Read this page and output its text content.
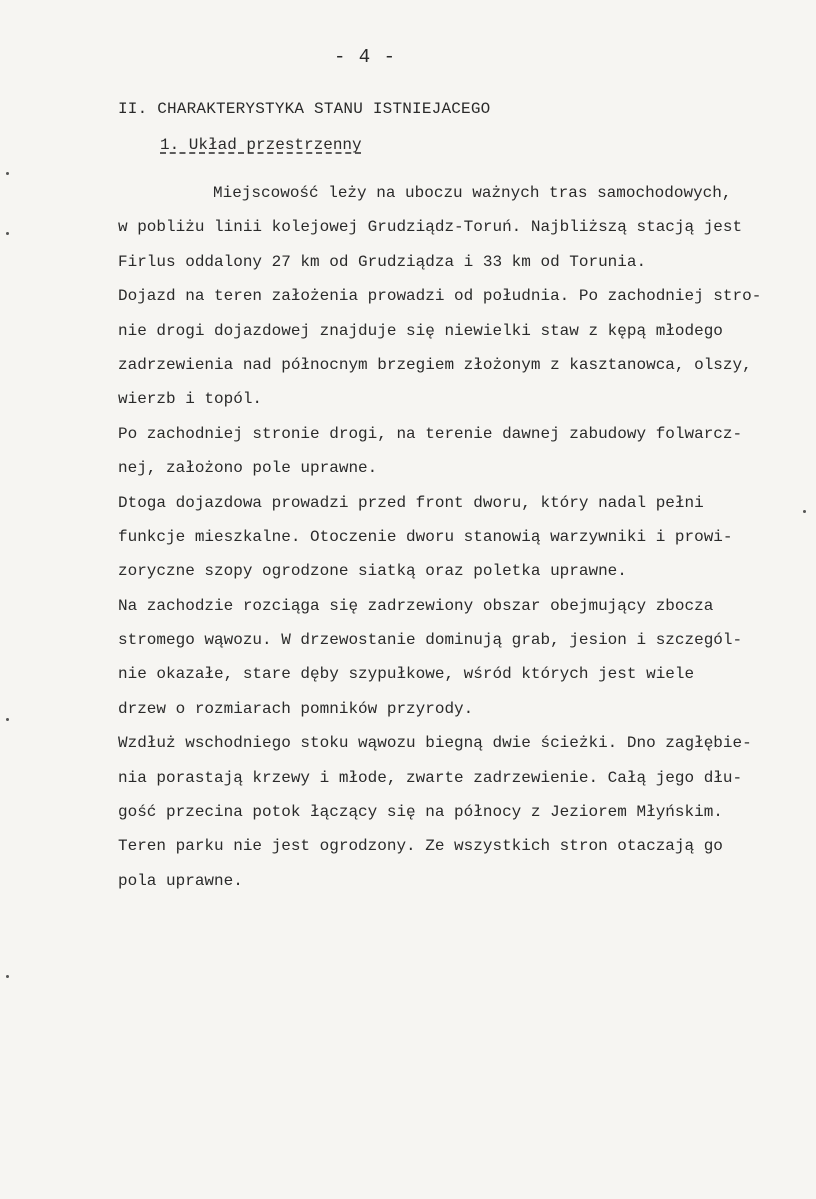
- 4 -
II. CHARAKTERYSTYKA STANU ISTNIEJACEGO
1. Układ przestrzenny
Miejscowość leży na uboczu ważnych tras samochodowych,
w pobliżu linii kolejowej Grudziądz-Toruń. Najbliższą stacją jest
Firlus oddalony 27 km od Grudziądza i 33 km od Torunia.
Dojazd na teren założenia prowadzi od południa. Po zachodniej stro-
nie drogi dojazdowej znajduje się niewielki staw z kępą młodego
zadrzewienia nad północnym brzegiem złożonym z kasztanowca, olszy,
wierzb i topól.
Po zachodniej stronie drogi, na terenie dawnej zabudowy folwarcz-
nej, założono pole uprawne.
Dtoga dojazdowa prowadzi przed front dworu, który nadal pełni
funkcje mieszkalne. Otoczenie dworu stanowią warzywniki i prowi-
zoryczne szopy ogrodzone siatką oraz poletka uprawne.
Na zachodzie rozciąga się zadrzewiony obszar obejmujący zbocza
stromego wąwozu. W drzewostanie dominują grab, jesion i szczegól-
nie okazałe, stare dęby szypułkowe, wśród których jest wiele
drzew o rozmiarach pomników przyrody.
Wzdłuż wschodniego stoku wąwozu biegną dwie ścieżki. Dno zagłębie-
nia porastają krzewy i młode, zwarte zadrzewienie. Całą jego dłu-
gość przecina potok łączący się na północy z Jeziorem Młyńskim.
Teren parku nie jest ogrodzony. Ze wszystkich stron otaczają go
pola uprawne.
